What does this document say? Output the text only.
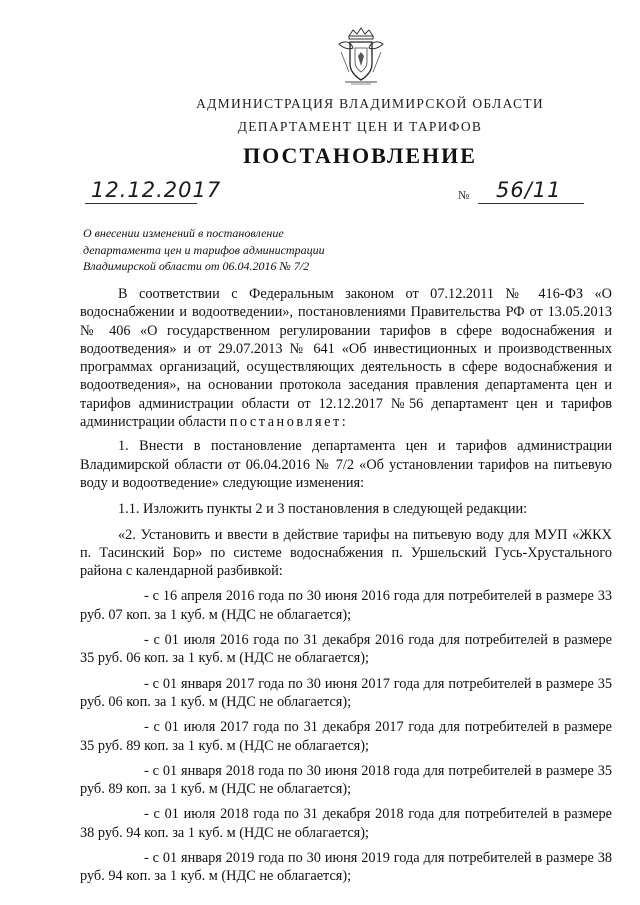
АДМИНИСТРАЦИЯ ВЛАДИМИРСКОЙ ОБЛАСТИ
ДЕПАРТАМЕНТ ЦЕН И ТАРИФОВ
ПОСТАНОВЛЕНИЕ
12.12.2017	№	56/11
О внесении изменений в постановление
департамента цен и тарифов администрации
Владимирской области от 06.04.2016 № 7/2

В соответствии с Федеральным законом от 07.12.2011 № 416-ФЗ «О водоснабжении и водоотведении», постановлениями Правительства РФ от 13.05.2013 № 406 «О государственном регулировании тарифов в сфере водоснабжения и водоотведения» и от 29.07.2013 № 641 «Об инвестиционных и производственных программах организаций, осуществляющих деятельность в сфере водоснабжения и водоотведения», на основании протокола заседания правления департамента цен и тарифов администрации области от 12.12.2017 №56 департамент цен и тарифов администрации области постановляет:

1. Внести в постановление департамента цен и тарифов администрации Владимирской области от 06.04.2016 № 7/2 «Об установлении тарифов на питьевую воду и водоотведение» следующие изменения:

1.1. Изложить пункты 2 и 3 постановления в следующей редакции:

«2. Установить и ввести в действие тарифы на питьевую воду для МУП «ЖКХ п. Тасинский Бор» по системе водоснабжения п. Уршельский Гусь-Хрустального района с календарной разбивкой:

- с 16 апреля 2016 года по 30 июня 2016 года для потребителей в размере 33 руб. 07 коп. за 1 куб. м (НДС не облагается);

- с 01 июля 2016 года по 31 декабря 2016 года для потребителей в размере 35 руб. 06 коп. за 1 куб. м (НДС не облагается);

- с 01 января 2017 года по 30 июня 2017 года для потребителей в размере 35 руб. 06 коп. за 1 куб. м (НДС не облагается);

- с 01 июля 2017 года по 31 декабря 2017 года для потребителей в размере 35 руб. 89 коп. за 1 куб. м (НДС не облагается);

- с 01 января 2018 года по 30 июня 2018 года для потребителей в размере 35 руб. 89 коп. за 1 куб. м (НДС не облагается);

- с 01 июля 2018 года по 31 декабря 2018 года для потребителей в размере 38 руб. 94 коп. за 1 куб. м (НДС не облагается);

- с 01 января 2019 года по 30 июня 2019 года для потребителей в размере 38 руб. 94 коп. за 1 куб. м (НДС не облагается);
